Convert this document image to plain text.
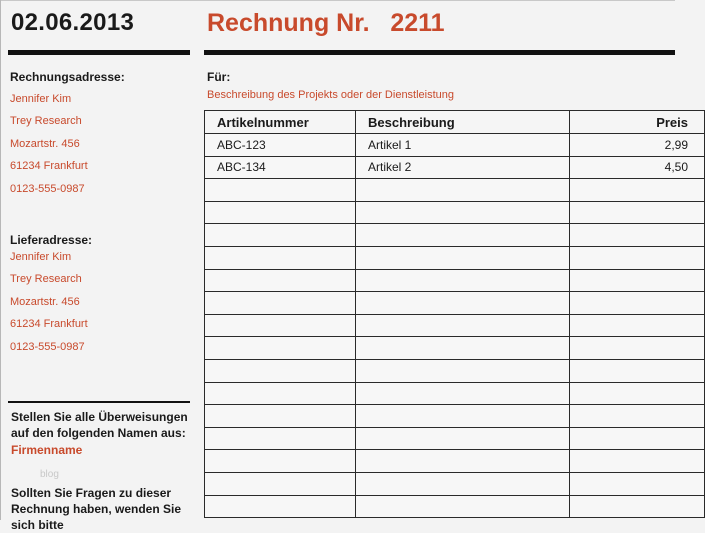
02.06.2013	Rechnung Nr.   2211
Rechnungsadresse:
Jennifer Kim
Trey Research
Mozartstr. 456
61234 Frankfurt
0123-555-0987
Lieferadresse:
Jennifer Kim
Trey Research
Mozartstr. 456
61234 Frankfurt
0123-555-0987
Für:
Beschreibung des Projekts oder der Dienstleistung
Stellen Sie alle Überweisungen auf den folgenden Namen aus:
Firmenname
blog
Sollten Sie Fragen zu dieser Rechnung haben, wenden Sie sich bitte
Artikelnummer	Beschreibung	Preis
ABC-123	Artikel 1	2,99
ABC-134	Artikel 2	4,50
